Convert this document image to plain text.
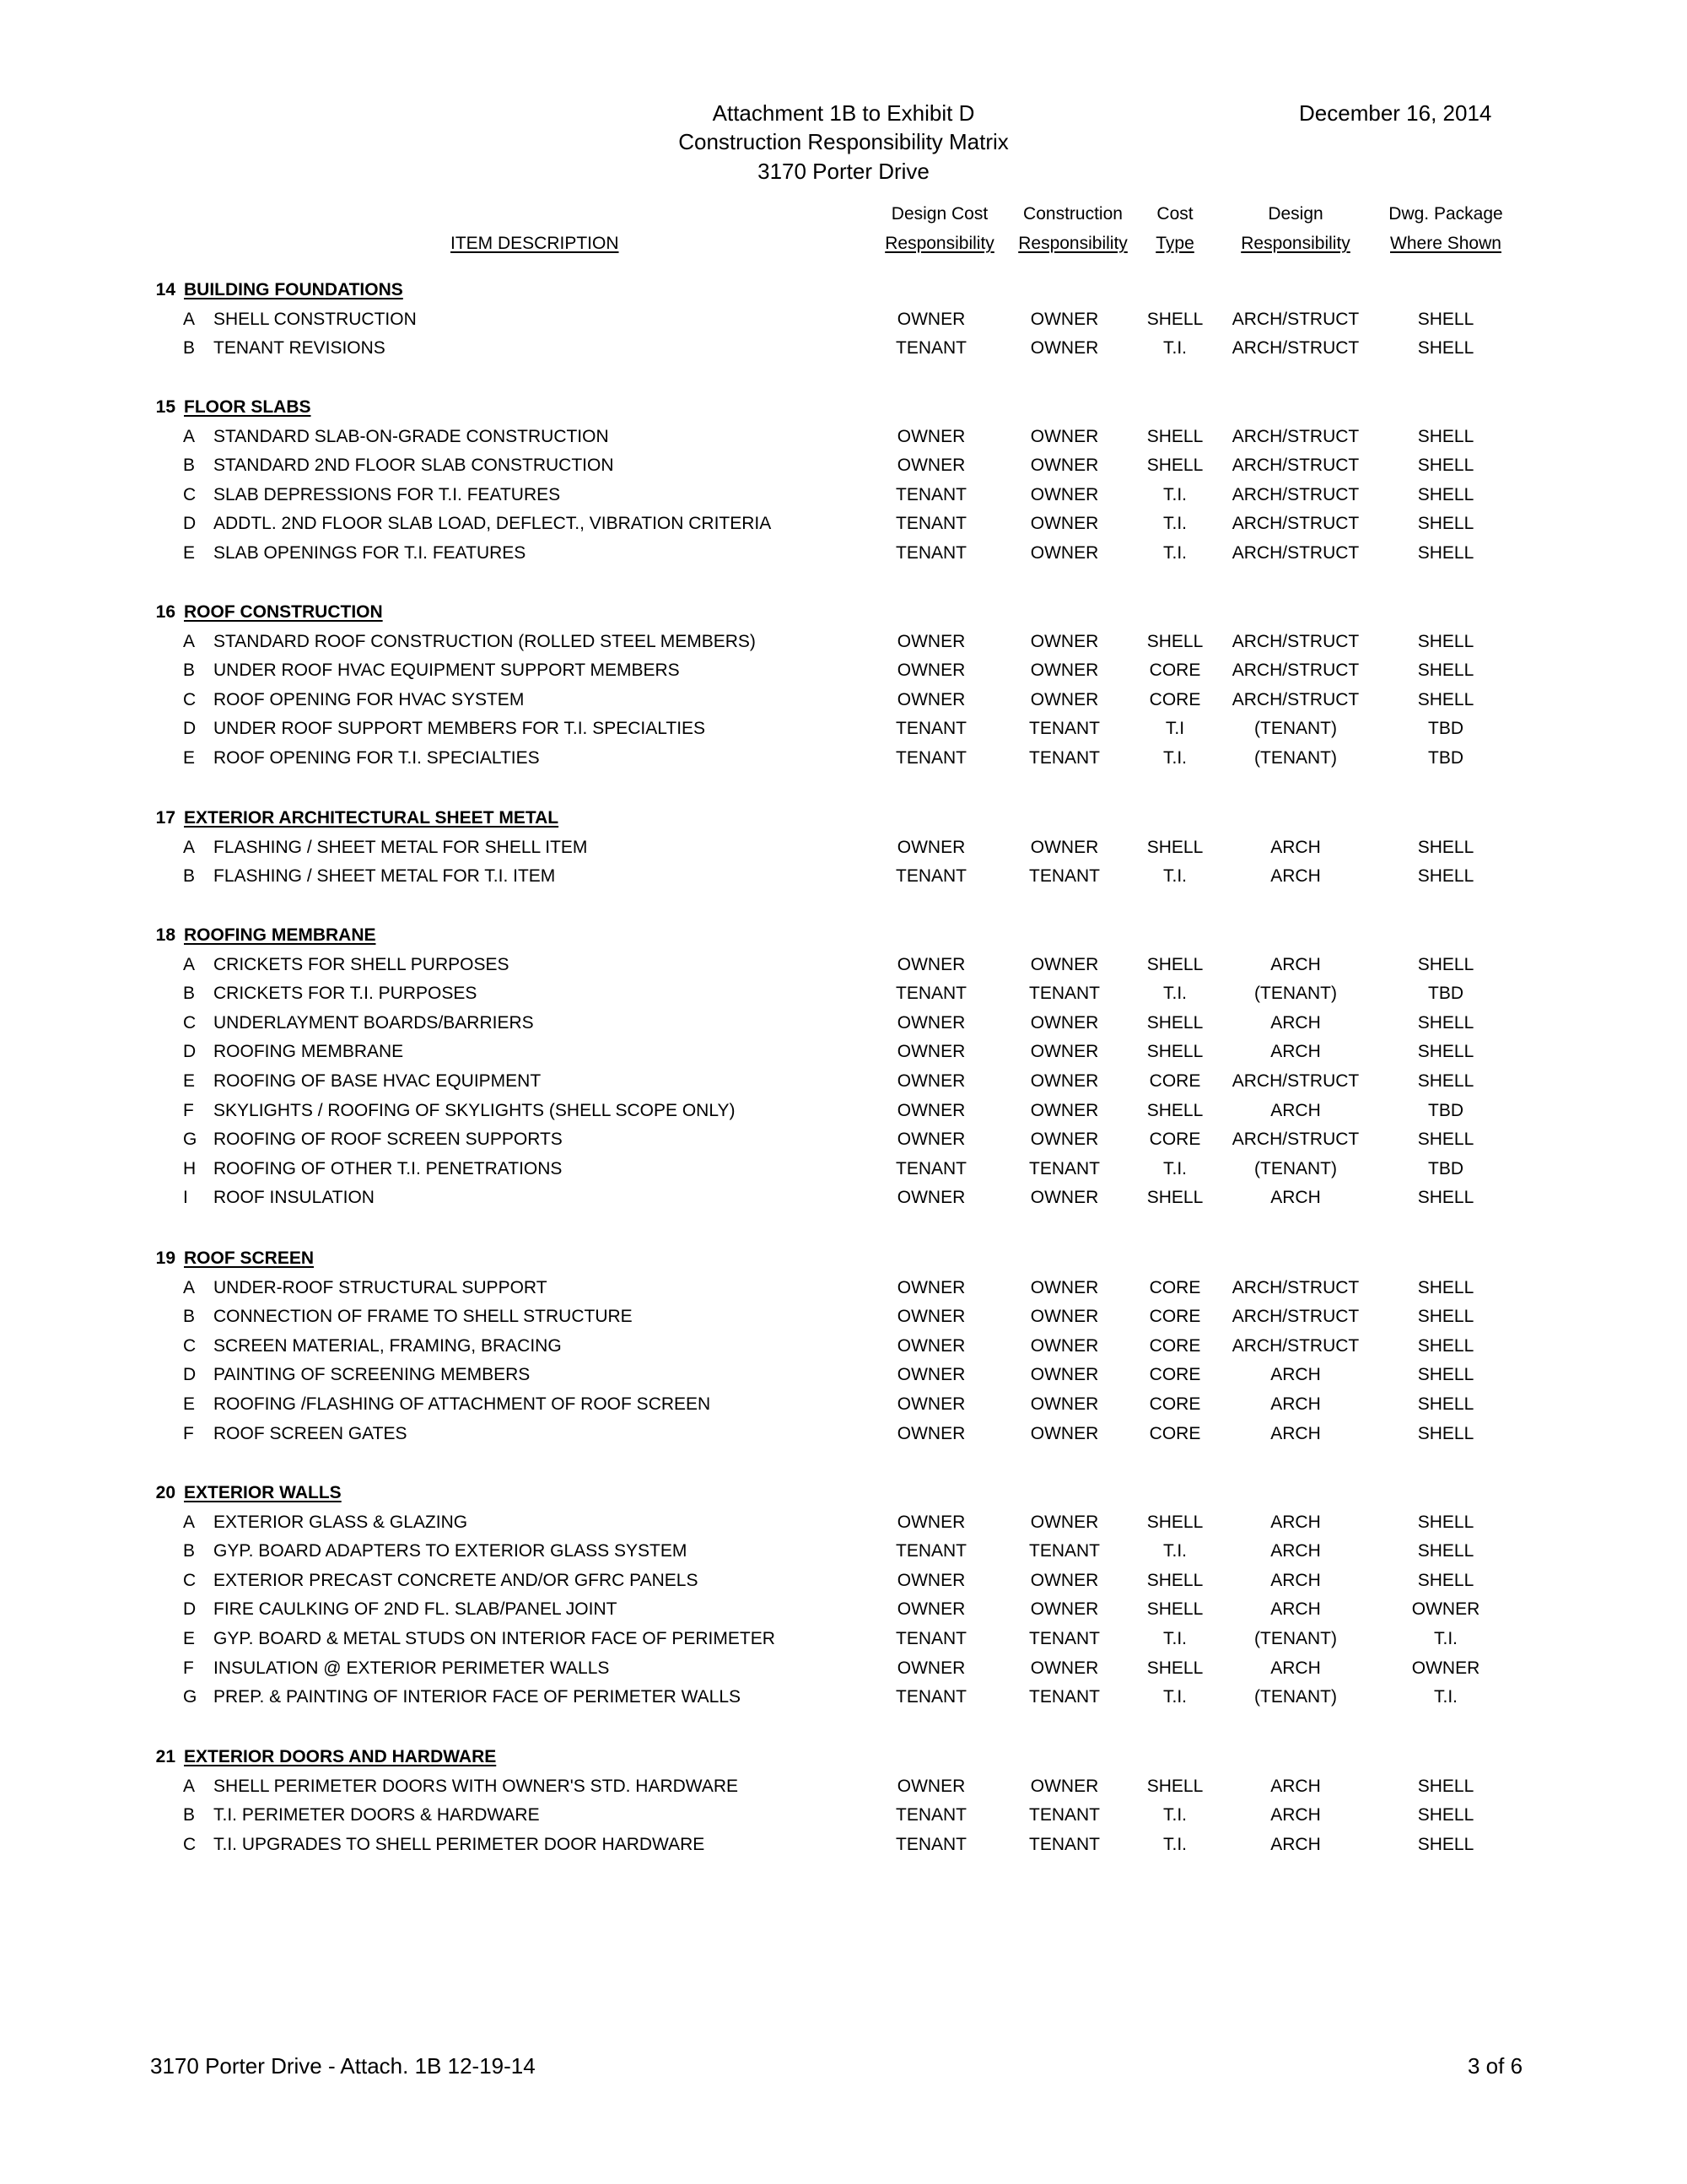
Attachment 1B to Exhibit D
Construction Responsibility Matrix
3170 Porter Drive
December 16, 2014
Design Cost
Responsibility
Construction
Responsibility
Cost
Type
Design
Responsibility
Dwg. Package
Where Shown
ITEM DESCRIPTION
14 BUILDING FOUNDATIONS
A SHELL CONSTRUCTION	OWNER	OWNER	SHELL	ARCH/STRUCT	SHELL
B TENANT REVISIONS	TENANT	OWNER	T.I.	ARCH/STRUCT	SHELL
15 FLOOR SLABS
A STANDARD SLAB-ON-GRADE CONSTRUCTION	OWNER	OWNER	SHELL	ARCH/STRUCT	SHELL
B STANDARD 2ND FLOOR SLAB CONSTRUCTION	OWNER	OWNER	SHELL	ARCH/STRUCT	SHELL
C SLAB DEPRESSIONS FOR T.I. FEATURES	TENANT	OWNER	T.I.	ARCH/STRUCT	SHELL
D ADDTL. 2ND FLOOR SLAB LOAD, DEFLECT., VIBRATION CRITERIA	TENANT	OWNER	T.I.	ARCH/STRUCT	SHELL
E SLAB OPENINGS FOR T.I. FEATURES	TENANT	OWNER	T.I.	ARCH/STRUCT	SHELL
16 ROOF CONSTRUCTION
A STANDARD ROOF CONSTRUCTION (ROLLED STEEL MEMBERS)	OWNER	OWNER	SHELL	ARCH/STRUCT	SHELL
B UNDER ROOF HVAC EQUIPMENT SUPPORT MEMBERS	OWNER	OWNER	CORE	ARCH/STRUCT	SHELL
C ROOF OPENING FOR HVAC SYSTEM	OWNER	OWNER	CORE	ARCH/STRUCT	SHELL
D UNDER ROOF SUPPORT MEMBERS FOR T.I. SPECIALTIES	TENANT	TENANT	T.I	(TENANT)	TBD
E ROOF OPENING FOR T.I. SPECIALTIES	TENANT	TENANT	T.I.	(TENANT)	TBD
17 EXTERIOR ARCHITECTURAL SHEET METAL
A FLASHING / SHEET METAL FOR SHELL ITEM	OWNER	OWNER	SHELL	ARCH	SHELL
B FLASHING / SHEET METAL FOR T.I. ITEM	TENANT	TENANT	T.I.	ARCH	SHELL
18 ROOFING MEMBRANE
A CRICKETS FOR SHELL PURPOSES	OWNER	OWNER	SHELL	ARCH	SHELL
B CRICKETS FOR T.I. PURPOSES	TENANT	TENANT	T.I.	(TENANT)	TBD
C UNDERLAYMENT BOARDS/BARRIERS	OWNER	OWNER	SHELL	ARCH	SHELL
D ROOFING MEMBRANE	OWNER	OWNER	SHELL	ARCH	SHELL
E ROOFING OF BASE HVAC EQUIPMENT	OWNER	OWNER	CORE	ARCH/STRUCT	SHELL
F SKYLIGHTS / ROOFING OF SKYLIGHTS (SHELL SCOPE ONLY)	OWNER	OWNER	SHELL	ARCH	TBD
G ROOFING OF ROOF SCREEN SUPPORTS	OWNER	OWNER	CORE	ARCH/STRUCT	SHELL
H ROOFING OF OTHER T.I. PENETRATIONS	TENANT	TENANT	T.I.	(TENANT)	TBD
I ROOF INSULATION	OWNER	OWNER	SHELL	ARCH	SHELL
19 ROOF SCREEN
A UNDER-ROOF STRUCTURAL SUPPORT	OWNER	OWNER	CORE	ARCH/STRUCT	SHELL
B CONNECTION OF FRAME TO SHELL STRUCTURE	OWNER	OWNER	CORE	ARCH/STRUCT	SHELL
C SCREEN MATERIAL, FRAMING, BRACING	OWNER	OWNER	CORE	ARCH/STRUCT	SHELL
D PAINTING OF SCREENING MEMBERS	OWNER	OWNER	CORE	ARCH	SHELL
E ROOFING /FLASHING OF ATTACHMENT OF ROOF SCREEN	OWNER	OWNER	CORE	ARCH	SHELL
F ROOF SCREEN GATES	OWNER	OWNER	CORE	ARCH	SHELL
20 EXTERIOR WALLS
A EXTERIOR GLASS & GLAZING	OWNER	OWNER	SHELL	ARCH	SHELL
B GYP. BOARD ADAPTERS TO EXTERIOR GLASS SYSTEM	TENANT	TENANT	T.I.	ARCH	SHELL
C EXTERIOR PRECAST CONCRETE AND/OR GFRC PANELS	OWNER	OWNER	SHELL	ARCH	SHELL
D FIRE CAULKING OF 2ND FL. SLAB/PANEL JOINT	OWNER	OWNER	SHELL	ARCH	OWNER
E GYP. BOARD & METAL STUDS ON INTERIOR FACE OF PERIMETER	TENANT	TENANT	T.I.	(TENANT)	T.I.
F INSULATION @ EXTERIOR PERIMETER WALLS	OWNER	OWNER	SHELL	ARCH	OWNER
G PREP. & PAINTING OF INTERIOR FACE OF PERIMETER WALLS	TENANT	TENANT	T.I.	(TENANT)	T.I.
21 EXTERIOR DOORS AND HARDWARE
A SHELL PERIMETER DOORS WITH OWNER'S STD. HARDWARE	OWNER	OWNER	SHELL	ARCH	SHELL
B T.I. PERIMETER DOORS & HARDWARE	TENANT	TENANT	T.I.	ARCH	SHELL
C T.I. UPGRADES TO SHELL PERIMETER DOOR HARDWARE	TENANT	TENANT	T.I.	ARCH	SHELL
3170 Porter Drive - Attach. 1B 12-19-14	3 of 6
